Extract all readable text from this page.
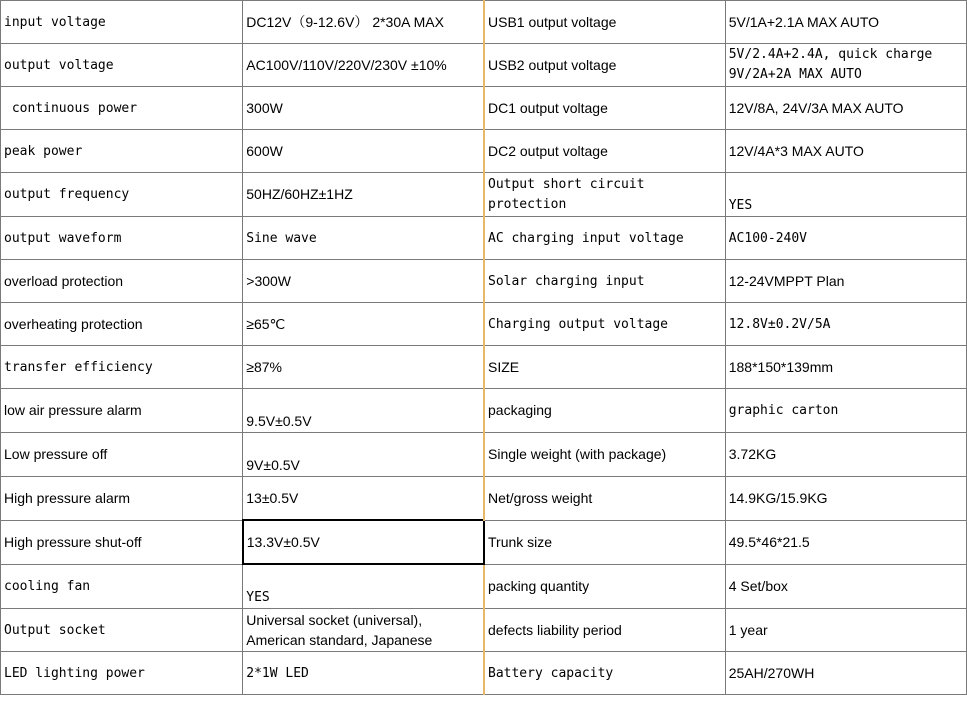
input voltage	DC12V（9-12.6V） 2*30A MAX	USB1 output voltage	5V/1A+2.1A MAX AUTO
output voltage	AC100V/110V/220V/230V ±10%	USB2 output voltage	5V/2.4A+2.4A, quick charge 9V/2A+2A MAX AUTO
continuous power	300W	DC1 output voltage	12V/8A, 24V/3A MAX AUTO
peak power	600W	DC2 output voltage	12V/4A*3 MAX AUTO
output frequency	50HZ/60HZ±1HZ	Output short circuit protection	YES
output waveform	Sine wave	AC charging input voltage	AC100-240V
overload protection	>300W	Solar charging input	12-24VMPPT Plan
overheating protection	≥65℃	Charging output voltage	12.8V±0.2V/5A
transfer efficiency	≥87%	SIZE	188*150*139mm
low air pressure alarm	9.5V±0.5V	packaging	graphic carton
Low pressure off	9V±0.5V	Single weight (with package)	3.72KG
High pressure alarm	13±0.5V	Net/gross weight	14.9KG/15.9KG
High pressure shut-off	13.3V±0.5V	Trunk size	49.5*46*21.5
cooling fan	YES	packing quantity	4 Set/box
Output socket	Universal socket (universal), American standard, Japanese	defects liability period	1 year
LED lighting power	2*1W LED	Battery capacity	25AH/270WH
